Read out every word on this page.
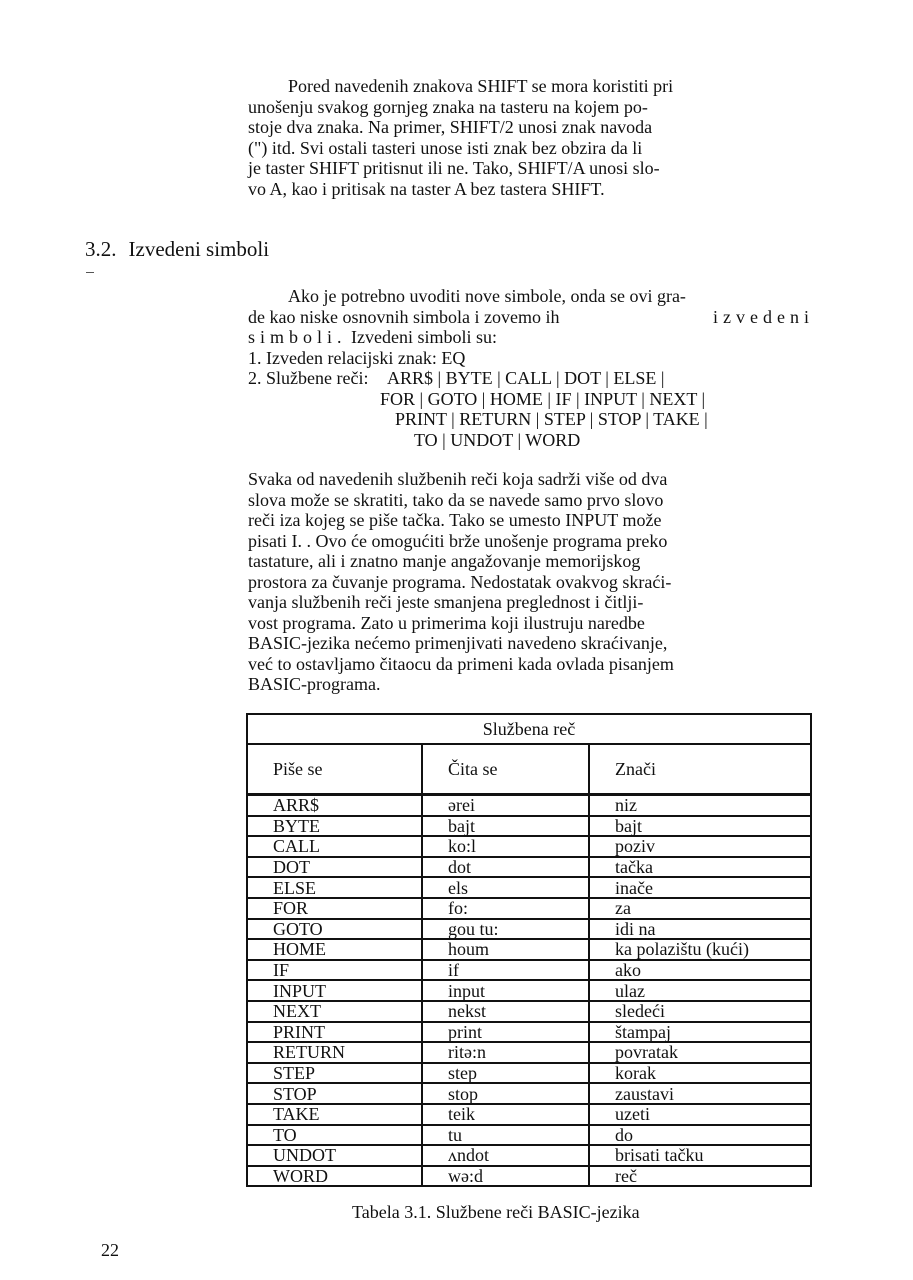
Pored navedenih znakova SHIFT se mora koristiti pri
unošenju svakog gornjeg znaka na tasteru na kojem po-
stoje dva znaka. Na primer, SHIFT/2 unosi znak navoda
(") itd. Svi ostali tasteri unose isti znak bez obzira da li
je taster SHIFT pritisnut ili ne. Tako, SHIFT/A unosi slo-
vo A, kao i pritisak na taster A bez tastera SHIFT.
3.2. Izvedeni simboli
Ako je potrebno uvoditi nove simbole, onda se ovi gra-
de kao niske osnovnih simbola i zovemo ih	izvedeni
simboli. Izvedeni simboli su:
1. Izveden relacijski znak: EQ
2. Službene reči: ARR$ | BYTE | CALL | DOT | ELSE |
FOR | GOTO | HOME | IF | INPUT | NEXT |
PRINT | RETURN | STEP | STOP | TAKE |
TO | UNDOT | WORD
Svaka od navedenih službenih reči koja sadrži više od dva
slova može se skratiti, tako da se navede samo prvo slovo
reči iza kojeg se piše tačka. Tako se umesto INPUT može
pisati I. . Ovo će omogućiti brže unošenje programa preko
tastature, ali i znatno manje angažovanje memorijskog
prostora za čuvanje programa. Nedostatak ovakvog skraći-
vanja službenih reči jeste smanjena preglednost i čitlji-
vost programa. Zato u primerima koji ilustruju naredbe
BASIC-jezika nećemo primenjivati navedeno skraćivanje,
već to ostavljamo čitaocu da primeni kada ovlada pisanjem
BASIC-programa.
Službena reč		
Piše se	Čita se	Znači
ARR$	ərei	niz
BYTE	bajt	bajt
CALL	ko:l	poziv
DOT	dot	tačka
ELSE	els	inače
FOR	fo:	za
GOTO	gou tu:	idi na
HOME	houm	ka polazištu (kući)
IF	if	ako
INPUT	input	ulaz
NEXT	nekst	sledeći
PRINT	print	štampaj
RETURN	ritə:n	povratak
STEP	step	korak
STOP	stop	zaustavi
TAKE	teik	uzeti
TO	tu	do
UNDOT	ʌndot	brisati tačku
WORD	wə:d	reč
Tabela 3.1. Službene reči BASIC-jezika
22
